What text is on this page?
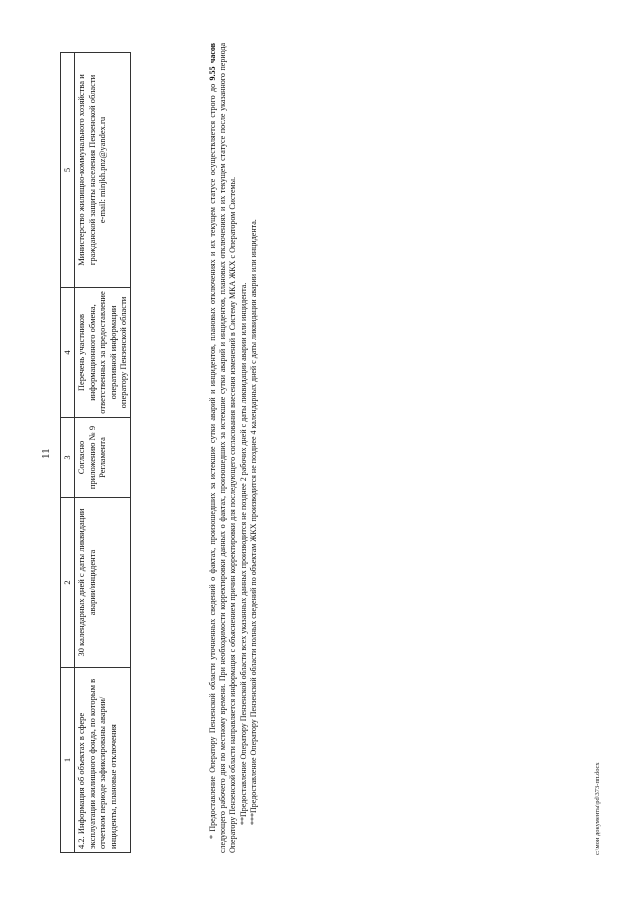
11
1	2	3	4	5
4.2. Информация об объектах в сфере эксплуатации жилищного фонда, по которым в отчетном периоде зафиксированы аварии/инциденты, плановые отключения	30 календарных дней с даты ликвидации аварии/инцидента	Согласно приложению № 9 Регламента	Перечень участников информационного обмена, ответственных за предоставление оперативной информации оператору Пензенской области	Министерство жилищно-коммунального хозяйства и гражданской защиты населения Пензенской области e-mail: minjkh.pnz@yandex.ru	* Предоставление Оператору Пензенской области уточненных сведений о фактах, произошедших за истекшие сутки аварий и инцидентов, плановых отключениях и их текущем статусе осуществляется строго до 9.55 часов следующего рабочего дня по местному времени. При необходимости корректировки данных о фактах, произошедших за истекшие сутки аварий и инцидентов, плановых отключениях и их текущем статусе после указанного периода Оператору Пензенской области направляется информация с объяснением причин корректировки для последующего согласования внесения изменений в Систему МКА ЖКХ с Оператором Системы. **Предоставление Оператору Пензенской области всех указанных данных производится не позднее 2 рабочих дней с даты ликвидации аварии или инцидента. ***Предоставление Оператору Пензенской области полных сведений по объектам ЖКХ производится не позднее 4 календарных дней с даты ликвидации аварии или инцидента.	c:\мои документы\pd\373-пп.docx
